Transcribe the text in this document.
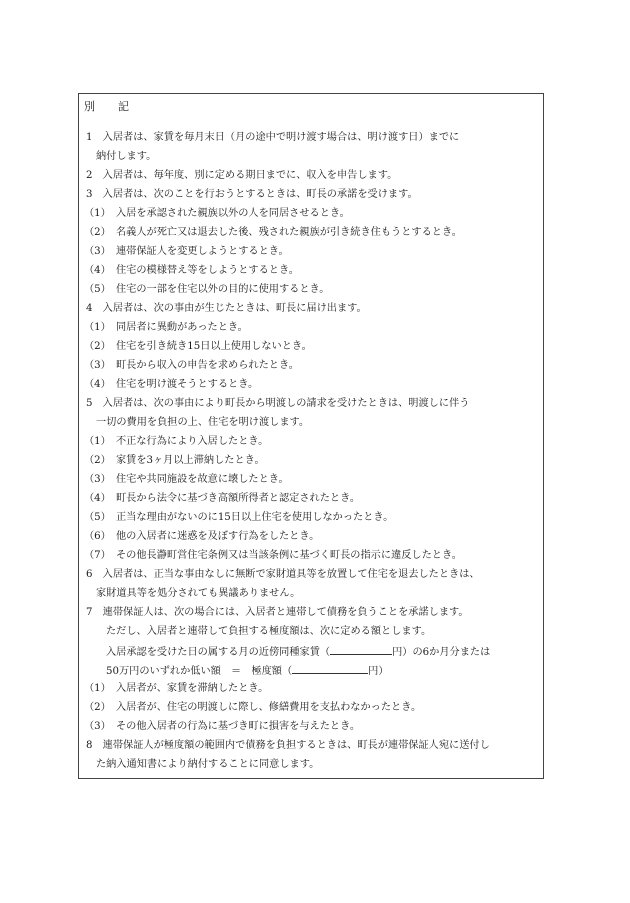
別　記
1　入居者は、家賃を毎月末日（月の途中で明け渡す場合は、明け渡す日）までに
納付します。
2　入居者は、毎年度、別に定める期日までに、収入を申告します。
3　入居者は、次のことを行おうとするときは、町長の承諾を受けます。
（1）　入居を承認された親族以外の人を同居させるとき。
（2）　名義人が死亡又は退去した後、残された親族が引き続き住もうとするとき。
（3）　連帯保証人を変更しようとするとき。
（4）　住宅の模様替え等をしようとするとき。
（5）　住宅の一部を住宅以外の目的に使用するとき。
4　入居者は、次の事由が生じたときは、町長に届け出ます。
（1）　同居者に異動があったとき。
（2）　住宅を引き続き15日以上使用しないとき。
（3）　町長から収入の申告を求められたとき。
（4）　住宅を明け渡そうとするとき。
5　入居者は、次の事由により町長から明渡しの請求を受けたときは、明渡しに伴う
一切の費用を負担の上、住宅を明け渡します。
（1）　不正な行為により入居したとき。
（2）　家賃を3ヶ月以上滞納したとき。
（3）　住宅や共同施設を故意に壊したとき。
（4）　町長から法令に基づき高額所得者と認定されたとき。
（5）　正当な理由がないのに15日以上住宅を使用しなかったとき。
（6）　他の入居者に迷惑を及ぼす行為をしたとき。
（7）　その他長瀞町営住宅条例又は当該条例に基づく町長の指示に違反したとき。
6　入居者は、正当な事由なしに無断で家財道具等を放置して住宅を退去したときは、
家財道具等を処分されても異議ありません。
7　連帯保証人は、次の場合には、入居者と連帯して債務を負うことを承諾します。
ただし、入居者と連帯して負担する極度額は、次に定める額とします。
入居承認を受けた日の属する月の近傍同種家賃（	円）の6か月分または
50万円のいずれか低い額　＝　極度額（	円）
（1）　入居者が、家賃を滞納したとき。
（2）　入居者が、住宅の明渡しに際し、修繕費用を支払わなかったとき。
（3）　その他入居者の行為に基づき町に損害を与えたとき。
8　連帯保証人が極度額の範囲内で債務を負担するときは、町長が連帯保証人宛に送付し
た納入通知書により納付することに同意します。
